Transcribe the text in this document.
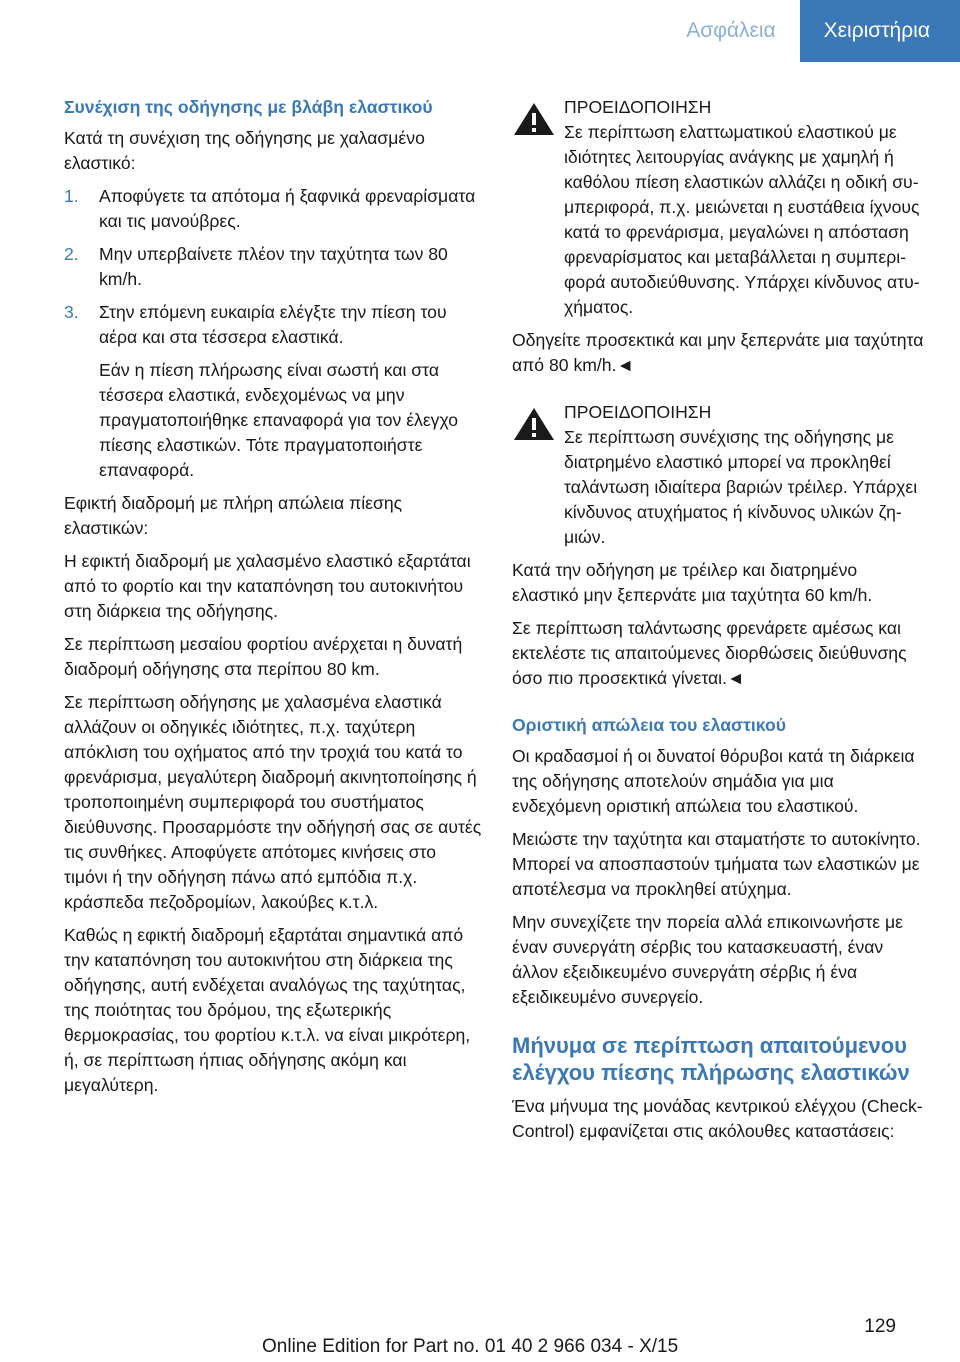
Ασφάλεια	Χειριστήρια

Συνέχιση της οδήγησης με βλάβη ελαστικού

Κατά τη συνέχιση της οδήγησης με χαλασμένο ελαστικό:

1. Αποφύγετε τα απότομα ή ξαφνικά φρεναρίσματα και τις μανούβρες.
2. Μην υπερβαίνετε πλέον την ταχύτητα των 80 km/h.
3. Στην επόμενη ευκαιρία ελέγξτε την πίεση του αέρα και στα τέσσερα ελαστικά.

Εάν η πίεση πλήρωσης είναι σωστή και στα τέσσερα ελαστικά, ενδεχομένως να μην πραγματοποιήθηκε επαναφορά για τον έλεγχο πίεσης ελαστικών. Τότε πραγματοποιήστε επαναφορά.

Εφικτή διαδρομή με πλήρη απώλεια πίεσης ελαστικών:

Η εφικτή διαδρομή με χαλασμένο ελαστικό εξαρτάται από το φορτίο και την καταπόνηση του αυτοκινήτου στη διάρκεια της οδήγησης.

Σε περίπτωση μεσαίου φορτίου ανέρχεται η δυνατή διαδρομή οδήγησης στα περίπου 80 km.

Σε περίπτωση οδήγησης με χαλασμένα ελαστικά αλλάζουν οι οδηγικές ιδιότητες, π.χ. ταχύτερη απόκλιση του οχήματος από την τροχιά του κατά το φρενάρισμα, μεγαλύτερη διαδρομή ακινητοποίησης ή τροποποιημένη συμπεριφορά του συστήματος διεύθυνσης. Προσαρμόστε την οδήγησή σας σε αυτές τις συνθήκες. Αποφύγετε απότομες κινήσεις στο τιμόνι ή την οδήγηση πάνω από εμπόδια π.χ. κράσπεδα πεζοδρομίων, λακούβες κ.τ.λ.

Καθώς η εφικτή διαδρομή εξαρτάται σημαντικά από την καταπόνηση του αυτοκινήτου στη διάρκεια της οδήγησης, αυτή ενδέχεται αναλόγως της ταχύτητας, της ποιότητας του δρόμου, της εξωτερικής θερμοκρασίας, του φορτίου κ.τ.λ. να είναι μικρότερη, ή, σε περίπτωση ήπιας οδήγησης ακόμη και μεγαλύτερη.

ΠΡΟΕΙΔΟΠΟΙΗΣΗ

Σε περίπτωση ελαττωματικού ελαστικού με ιδιότητες λειτουργίας ανάγκης με χαμηλή ή καθόλου πίεση ελαστικών αλλάζει η οδική συμπεριφορά, π.χ. μειώνεται η ευστάθεια ίχνους κατά το φρενάρισμα, μεγαλώνει η απόσταση φρεναρίσματος και μεταβάλλεται η συμπεριφορά αυτοδιεύθυνσης. Υπάρχει κίνδυνος ατυχήματος.

Οδηγείτε προσεκτικά και μην ξεπερνάτε μια ταχύτητα από 80 km/h.◄

ΠΡΟΕΙΔΟΠΟΙΗΣΗ

Σε περίπτωση συνέχισης της οδήγησης με διατρημένο ελαστικό μπορεί να προκληθεί ταλάντωση ιδιαίτερα βαριών τρέιλερ. Υπάρχει κίνδυνος ατυχήματος ή κίνδυνος υλικών ζημιών.

Κατά την οδήγηση με τρέιλερ και διατρημένο ελαστικό μην ξεπερνάτε μια ταχύτητα 60 km/h.

Σε περίπτωση ταλάντωσης φρενάρετε αμέσως και εκτελέστε τις απαιτούμενες διορθώσεις διεύθυνσης όσο πιο προσεκτικά γίνεται.◄

Οριστική απώλεια του ελαστικού

Οι κραδασμοί ή οι δυνατοί θόρυβοι κατά τη διάρκεια της οδήγησης αποτελούν σημάδια για μια ενδεχόμενη οριστική απώλεια του ελαστικού.

Μειώστε την ταχύτητα και σταματήστε το αυτοκίνητο. Μπορεί να αποσπαστούν τμήματα των ελαστικών με αποτέλεσμα να προκληθεί ατύχημα.

Μην συνεχίζετε την πορεία αλλά επικοινωνήστε με έναν συνεργάτη σέρβις του κατασκευαστή, έναν άλλον εξειδικευμένο συνεργάτη σέρβις ή ένα εξειδικευμένο συνεργείο.

Μήνυμα σε περίπτωση απαιτούμενου ελέγχου πίεσης πλήρωσης ελαστικών

Ένα μήνυμα της μονάδας κεντρικού ελέγχου (Check-Control) εμφανίζεται στις ακόλουθες καταστάσεις:

129
Online Edition for Part no. 01 40 2 966 034 - X/15
